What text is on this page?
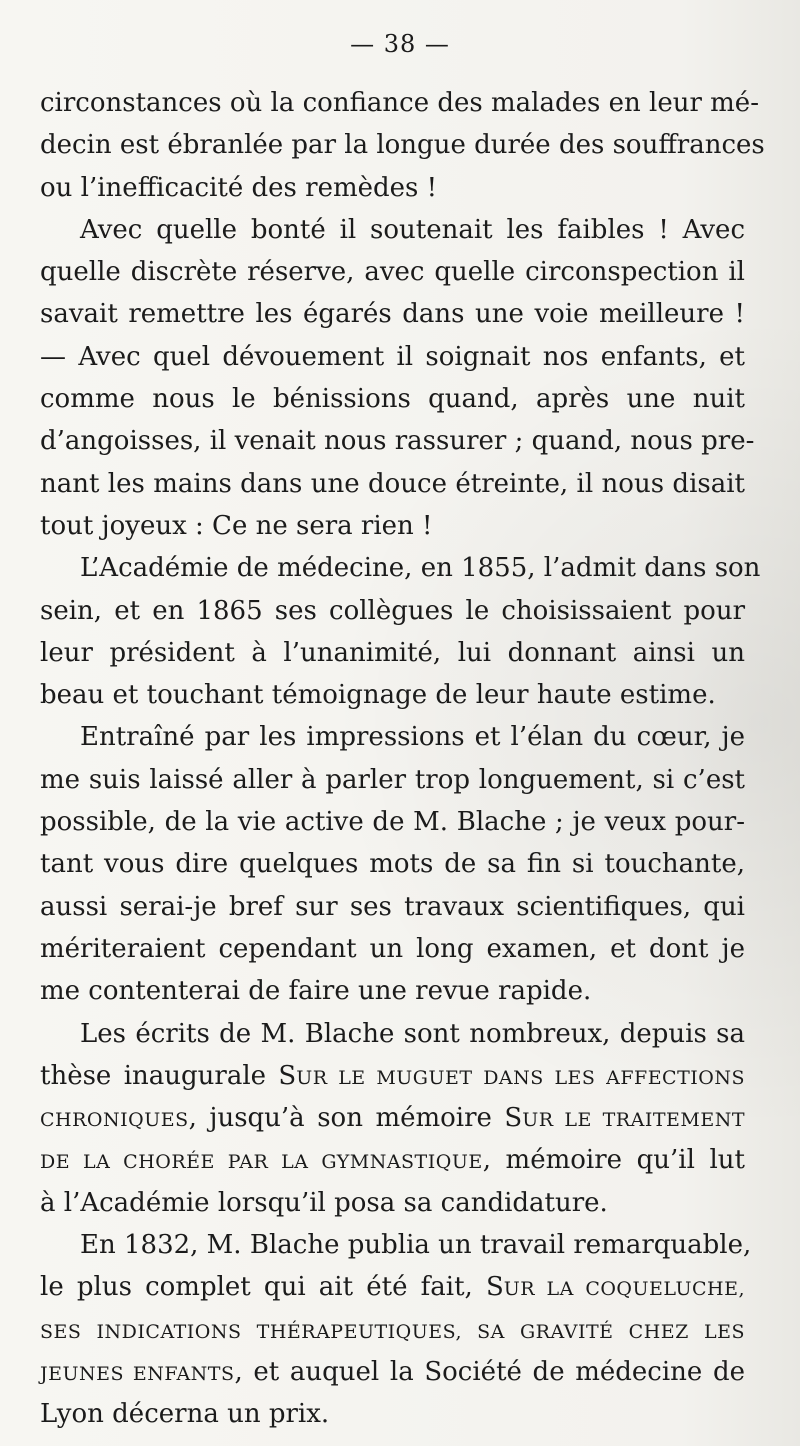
— 38 —
circonstances où la confiance des malades en leur mé-
decin est ébranlée par la longue durée des souffrances
ou l’inefficacité des remèdes !
Avec quelle bonté il soutenait les faibles ! Avec
quelle discrète réserve, avec quelle circonspection il
savait remettre les égarés dans une voie meilleure !
— Avec quel dévouement il soignait nos enfants, et
comme nous le bénissions quand, après une nuit
d’angoisses, il venait nous rassurer ; quand, nous pre-
nant les mains dans une douce étreinte, il nous disait
tout joyeux : Ce ne sera rien !
L’Académie de médecine, en 1855, l’admit dans son
sein, et en 1865 ses collègues le choisissaient pour
leur président à l’unanimité, lui donnant ainsi un
beau et touchant témoignage de leur haute estime.
Entraîné par les impressions et l’élan du cœur, je
me suis laissé aller à parler trop longuement, si c’est
possible, de la vie active de M. Blache ; je veux pour-
tant vous dire quelques mots de sa fin si touchante,
aussi serai-je bref sur ses travaux scientifiques, qui
mériteraient cependant un long examen, et dont je
me contenterai de faire une revue rapide.
Les écrits de M. Blache sont nombreux, depuis sa
thèse inaugurale SUR LE MUGUET DANS LES AFFECTIONS
CHRONIQUES, jusqu’à son mémoire SUR LE TRAITEMENT
DE LA CHORÉE PAR LA GYMNASTIQUE, mémoire qu’il lut
à l’Académie lorsqu’il posa sa candidature.
En 1832, M. Blache publia un travail remarquable,
le plus complet qui ait été fait, SUR LA COQUELUCHE,
SES INDICATIONS THÉRAPEUTIQUES, SA GRAVITÉ CHEZ LES
JEUNES ENFANTS, et auquel la Société de médecine de
Lyon décerna un prix.
